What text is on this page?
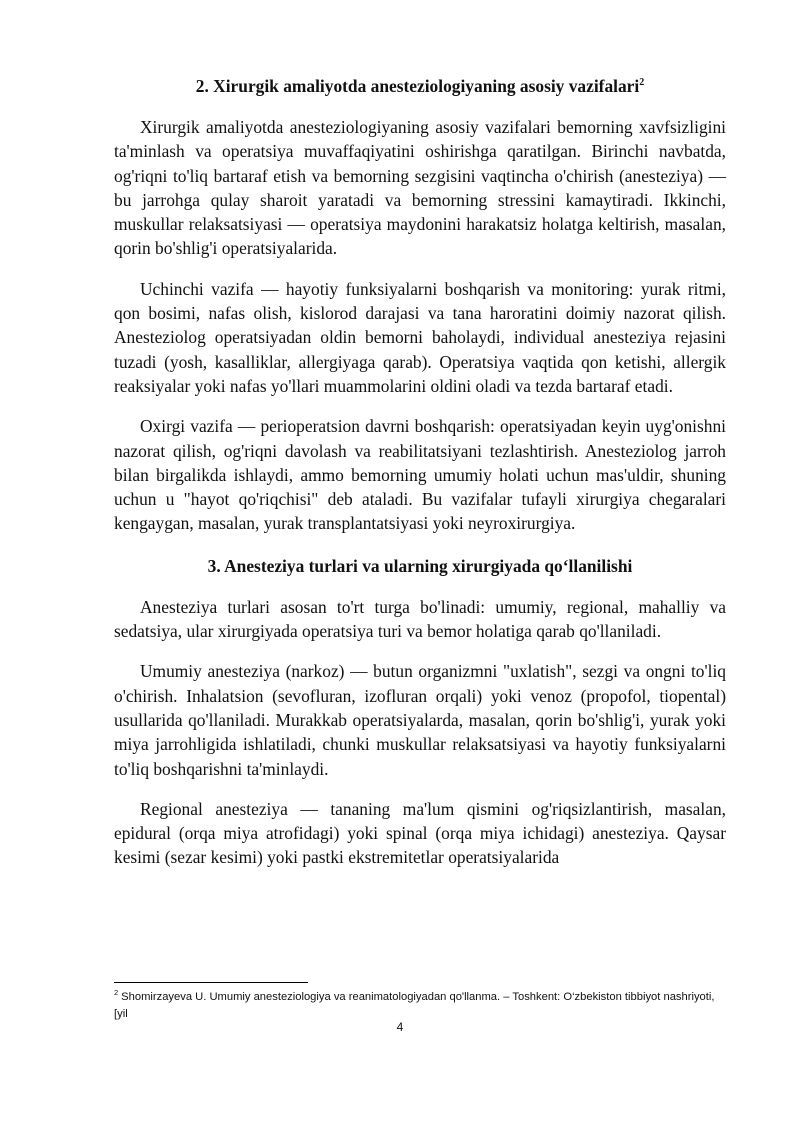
2. Xirurgik amaliyotda anesteziologiyaning asosiy vazifalari$^2$

Xirurgik amaliyotda anesteziologiyaning asosiy vazifalari bemorning xavfsizligini ta'minlash va operatsiya muvaffaqiyatini oshirishga qaratilgan. Birinchi navbatda, og'riqni to'liq bartaraf etish va bemorning sezgisini vaqtincha o'chirish (anesteziya) — bu jarrohga qulay sharoit yaratadi va bemorning stressini kamaytiradi. Ikkinchi, muskullar relaksatsiyasi — operatsiya maydonini harakatsiz holatga keltirish, masalan, qorin bo'shlig'i operatsiyalarida.

Uchinchi vazifa — hayotiy funksiyalarni boshqarish va monitoring: yurak ritmi, qon bosimi, nafas olish, kislorod darajasi va tana haroratini doimiy nazorat qilish. Anesteziolog operatsiyadan oldin bemorni baholaydi, individual anesteziya rejasini tuzadi (yosh, kasalliklar, allergiyaga qarab). Operatsiya vaqtida qon ketishi, allergik reaksiyalar yoki nafas yo'llari muammolarini oldini oladi va tezda bartaraf etadi.

Oxirgi vazifa — perioperatsion davrni boshqarish: operatsiyadan keyin uyg'onishni nazorat qilish, og'riqni davolash va reabilitatsiyani tezlashtirish. Anesteziolog jarroh bilan birgalikda ishlaydi, ammo bemorning umumiy holati uchun mas'uldir, shuning uchun u "hayot qo'riqchisi" deb ataladi. Bu vazifalar tufayli xirurgiya chegaralari kengaygan, masalan, yurak transplantatsiyasi yoki neyroxirurgiya.

3. Anesteziya turlari va ularning xirurgiyada qo‘llanilishi

Anesteziya turlari asosan to'rt turga bo'linadi: umumiy, regional, mahalliy va sedatsiya, ular xirurgiyada operatsiya turi va bemor holatiga qarab qo'llaniladi.

Umumiy anesteziya (narkoz) — butun organizmni "uxlatish", sezgi va ongni to'liq o'chirish. Inhalatsion (sevofluran, izofluran orqali) yoki venoz (propofol, tiopental) usullarida qo'llaniladi. Murakkab operatsiyalarda, masalan, qorin bo'shlig'i, yurak yoki miya jarrohligida ishlatiladi, chunki muskullar relaksatsiyasi va hayotiy funksiyalarni to'liq boshqarishni ta'minlaydi.

Regional anesteziya — tananing ma'lum qismini og'riqsizlantirish, masalan, epidural (orqa miya atrofidagi) yoki spinal (orqa miya ichidagi) anesteziya. Qaysar kesimi (sezar kesimi) yoki pastki ekstremitetlar operatsiyalarida

$^2$ Shomirzayeva U. Umumiy anesteziologiya va reanimatologiyadan qo'llanma. – Toshkent: O‘zbekiston tibbiyot nashriyoti, [yil
4
